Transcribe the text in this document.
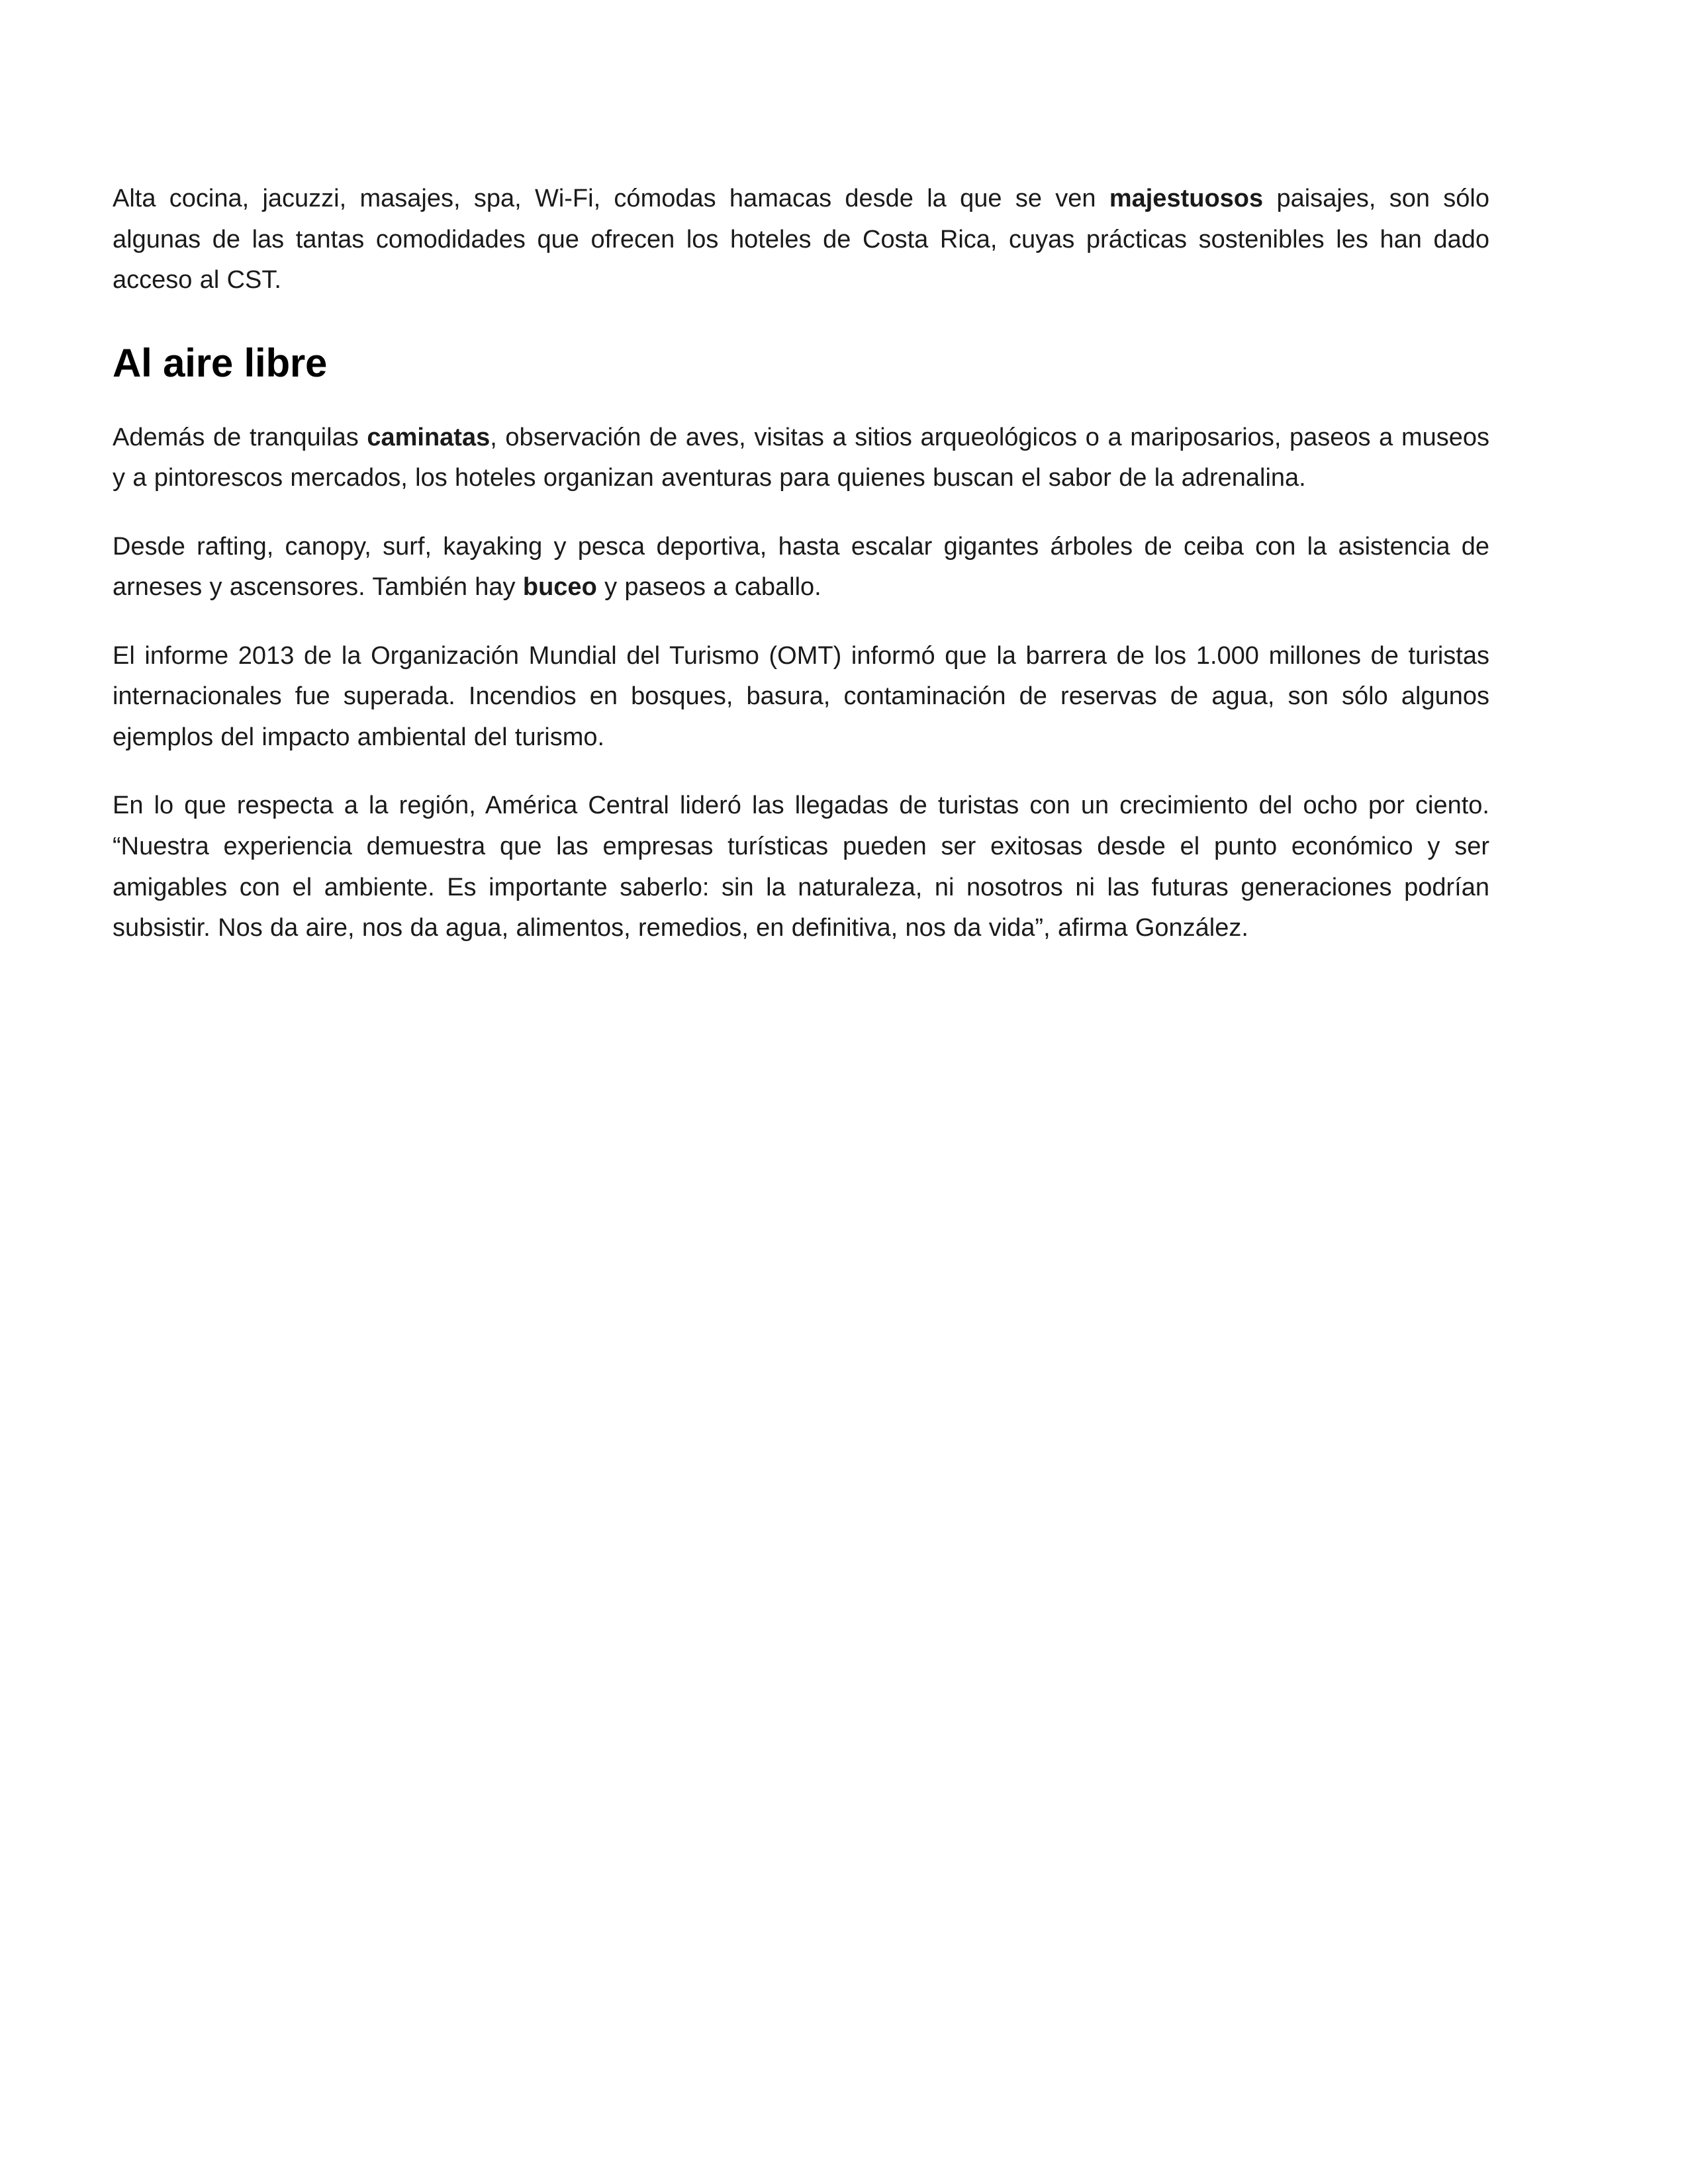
Alta cocina, jacuzzi, masajes, spa, Wi-Fi, cómodas hamacas desde la que se ven majestuosos paisajes, son sólo algunas de las tantas comodidades que ofrecen los hoteles de Costa Rica, cuyas prácticas sostenibles les han dado acceso al CST.

Al aire libre

Además de tranquilas caminatas, observación de aves, visitas a sitios arqueológicos o a mariposarios, paseos a museos y a pintorescos mercados, los hoteles organizan aventuras para quienes buscan el sabor de la adrenalina.

Desde rafting, canopy, surf, kayaking y pesca deportiva, hasta escalar gigantes árboles de ceiba con la asistencia de arneses y ascensores. También hay buceo y paseos a caballo.

El informe 2013 de la Organización Mundial del Turismo (OMT) informó que la barrera de los 1.000 millones de turistas internacionales fue superada. Incendios en bosques, basura, contaminación de reservas de agua, son sólo algunos ejemplos del impacto ambiental del turismo.

En lo que respecta a la región, América Central lideró las llegadas de turistas con un crecimiento del ocho por ciento. “Nuestra experiencia demuestra que las empresas turísticas pueden ser exitosas desde el punto económico y ser amigables con el ambiente. Es importante saberlo: sin la naturaleza, ni nosotros ni las futuras generaciones podrían subsistir. Nos da aire, nos da agua, alimentos, remedios, en definitiva, nos da vida”, afirma González.
